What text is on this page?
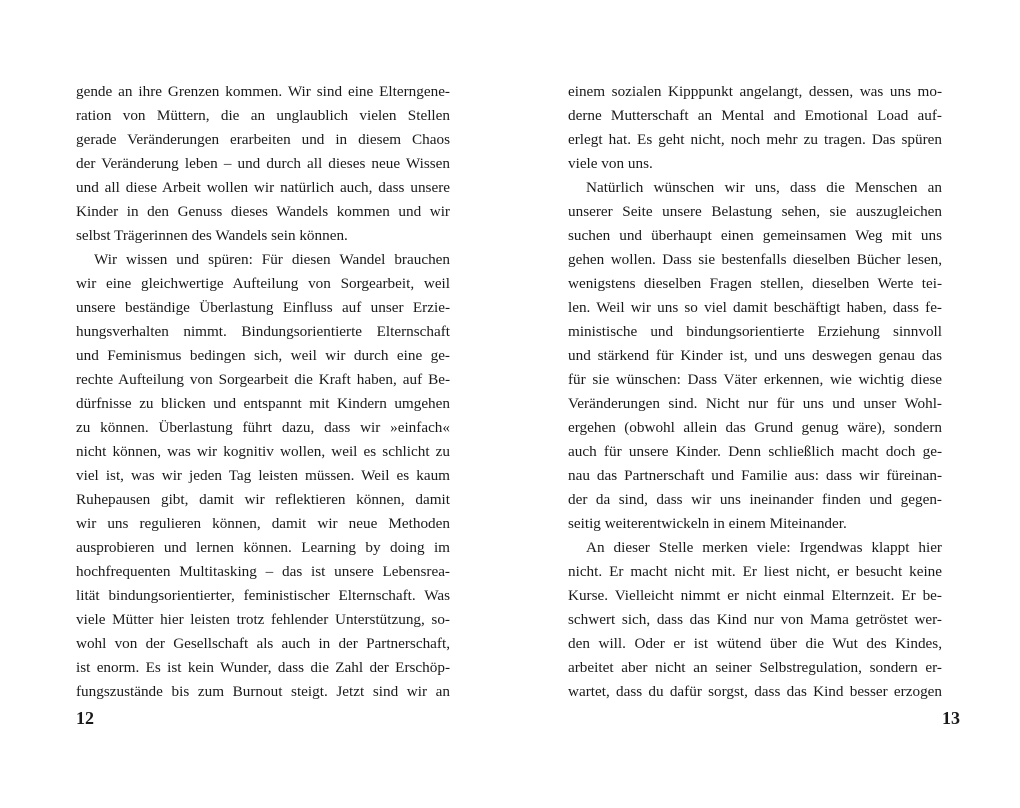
gende an ihre Grenzen kommen. Wir sind eine Elterngene-
ration von Müttern, die an unglaublich vielen Stellen
gerade Veränderungen erarbeiten und in diesem Chaos
der Veränderung leben – und durch all dieses neue Wissen
und all diese Arbeit wollen wir natürlich auch, dass unsere
Kinder in den Genuss dieses Wandels kommen und wir
selbst Trägerinnen des Wandels sein können.
Wir wissen und spüren: Für diesen Wandel brauchen
wir eine gleichwertige Aufteilung von Sorgearbeit, weil
unsere beständige Überlastung Einfluss auf unser Erzie-
hungsverhalten nimmt. Bindungsorientierte Elternschaft
und Feminismus bedingen sich, weil wir durch eine ge-
rechte Aufteilung von Sorgearbeit die Kraft haben, auf Be-
dürfnisse zu blicken und entspannt mit Kindern umgehen
zu können. Überlastung führt dazu, dass wir »einfach«
nicht können, was wir kognitiv wollen, weil es schlicht zu
viel ist, was wir jeden Tag leisten müssen. Weil es kaum
Ruhepausen gibt, damit wir reflektieren können, damit
wir uns regulieren können, damit wir neue Methoden
ausprobieren und lernen können. Learning by doing im
hochfrequenten Multitasking – das ist unsere Lebensrea-
lität bindungsorientierter, feministischer Elternschaft. Was
viele Mütter hier leisten trotz fehlender Unterstützung, so-
wohl von der Gesellschaft als auch in der Partnerschaft,
ist enorm. Es ist kein Wunder, dass die Zahl der Erschöp-
fungszustände bis zum Burnout steigt. Jetzt sind wir an
12
einem sozialen Kipppunkt angelangt, dessen, was uns mo-
derne Mutterschaft an Mental and Emotional Load auf-
erlegt hat. Es geht nicht, noch mehr zu tragen. Das spüren
viele von uns.
Natürlich wünschen wir uns, dass die Menschen an
unserer Seite unsere Belastung sehen, sie auszugleichen
suchen und überhaupt einen gemeinsamen Weg mit uns
gehen wollen. Dass sie bestenfalls dieselben Bücher lesen,
wenigstens dieselben Fragen stellen, dieselben Werte tei-
len. Weil wir uns so viel damit beschäftigt haben, dass fe-
ministische und bindungsorientierte Erziehung sinnvoll
und stärkend für Kinder ist, und uns deswegen genau das
für sie wünschen: Dass Väter erkennen, wie wichtig diese
Veränderungen sind. Nicht nur für uns und unser Wohl-
ergehen (obwohl allein das Grund genug wäre), sondern
auch für unsere Kinder. Denn schließlich macht doch ge-
nau das Partnerschaft und Familie aus: dass wir füreinan-
der da sind, dass wir uns ineinander finden und gegen-
seitig weiterentwickeln in einem Miteinander.
An dieser Stelle merken viele: Irgendwas klappt hier
nicht. Er macht nicht mit. Er liest nicht, er besucht keine
Kurse. Vielleicht nimmt er nicht einmal Elternzeit. Er be-
schwert sich, dass das Kind nur von Mama getröstet wer-
den will. Oder er ist wütend über die Wut des Kindes,
arbeitet aber nicht an seiner Selbstregulation, sondern er-
wartet, dass du dafür sorgst, dass das Kind besser erzogen
13
